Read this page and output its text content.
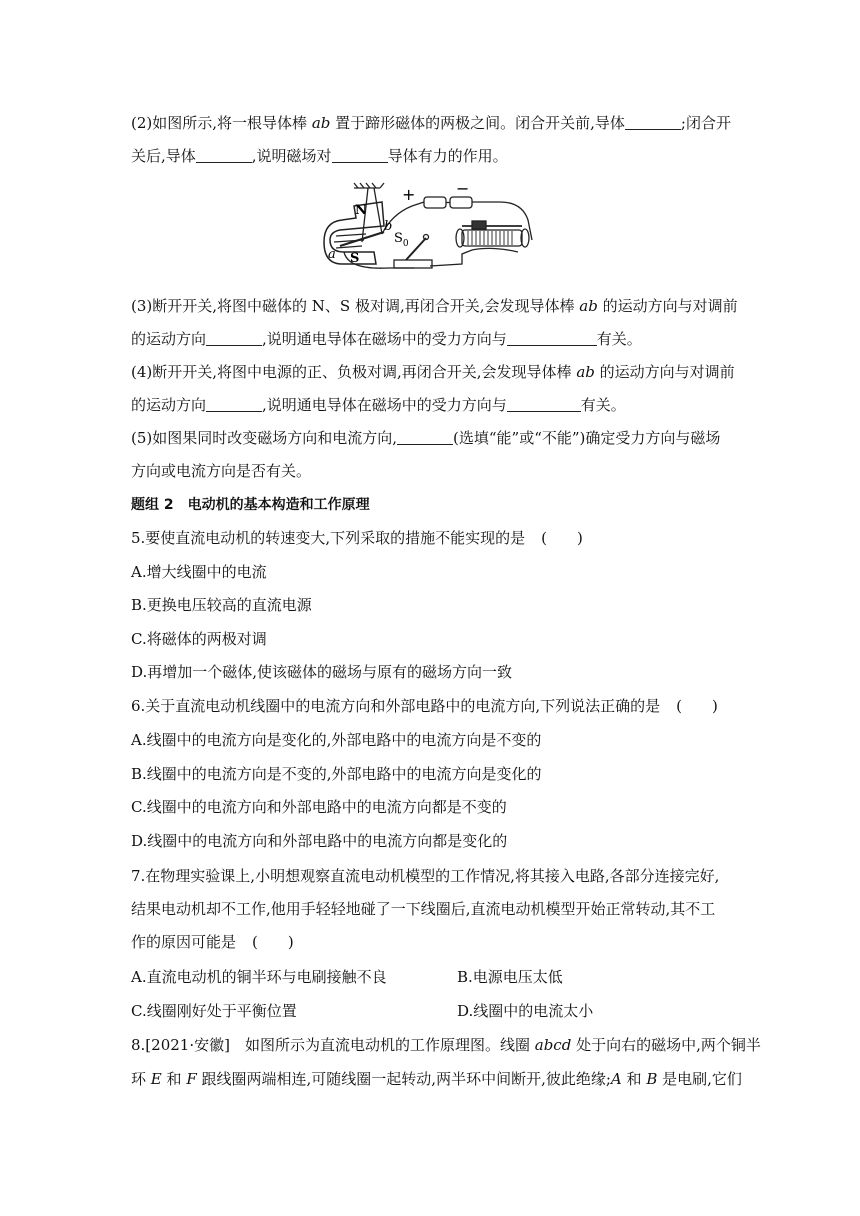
(2)如图所示,将一根导体棒 ab 置于蹄形磁体的两极之间。闭合开关前,导体	;闭合开
关后,导体	,说明磁场对	导体有力的作用。
N
S
a
b
$S_0$
+	−
(3)断开开关,将图中磁体的 N、S 极对调,再闭合开关,会发现导体棒 ab 的运动方向与对调前
的运动方向	,说明通电导体在磁场中的受力方向与	有关。
(4)断开开关,将图中电源的正、负极对调,再闭合开关,会发现导体棒 ab 的运动方向与对调前
的运动方向	,说明通电导体在磁场中的受力方向与	有关。
(5)如图果同时改变磁场方向和电流方向,	(选填“能”或“不能”)确定受力方向与磁场
方向或电流方向是否有关。
题组 2　电动机的基本构造和工作原理
5.要使直流电动机的转速变大,下列采取的措施不能实现的是 (　　)
A.增大线圈中的电流
B.更换电压较高的直流电源
C.将磁体的两极对调
D.再增加一个磁体,使该磁体的磁场与原有的磁场方向一致
6.关于直流电动机线圈中的电流方向和外部电路中的电流方向,下列说法正确的是 (　　)
A.线圈中的电流方向是变化的,外部电路中的电流方向是不变的
B.线圈中的电流方向是不变的,外部电路中的电流方向是变化的
C.线圈中的电流方向和外部电路中的电流方向都是不变的
D.线圈中的电流方向和外部电路中的电流方向都是变化的
7.在物理实验课上,小明想观察直流电动机模型的工作情况,将其接入电路,各部分连接完好,
结果电动机却不工作,他用手轻轻地碰了一下线圈后,直流电动机模型开始正常转动,其不工
作的原因可能是 (　　)
A.直流电动机的铜半环与电刷接触不良	B.电源电压太低
C.线圈刚好处于平衡位置	D.线圈中的电流太小
8.[2021·安徽]　如图所示为直流电动机的工作原理图。线圈 abcd 处于向右的磁场中,两个铜半
环 E 和 F 跟线圈两端相连,可随线圈一起转动,两半环中间断开,彼此绝缘;A 和 B 是电刷,它们
